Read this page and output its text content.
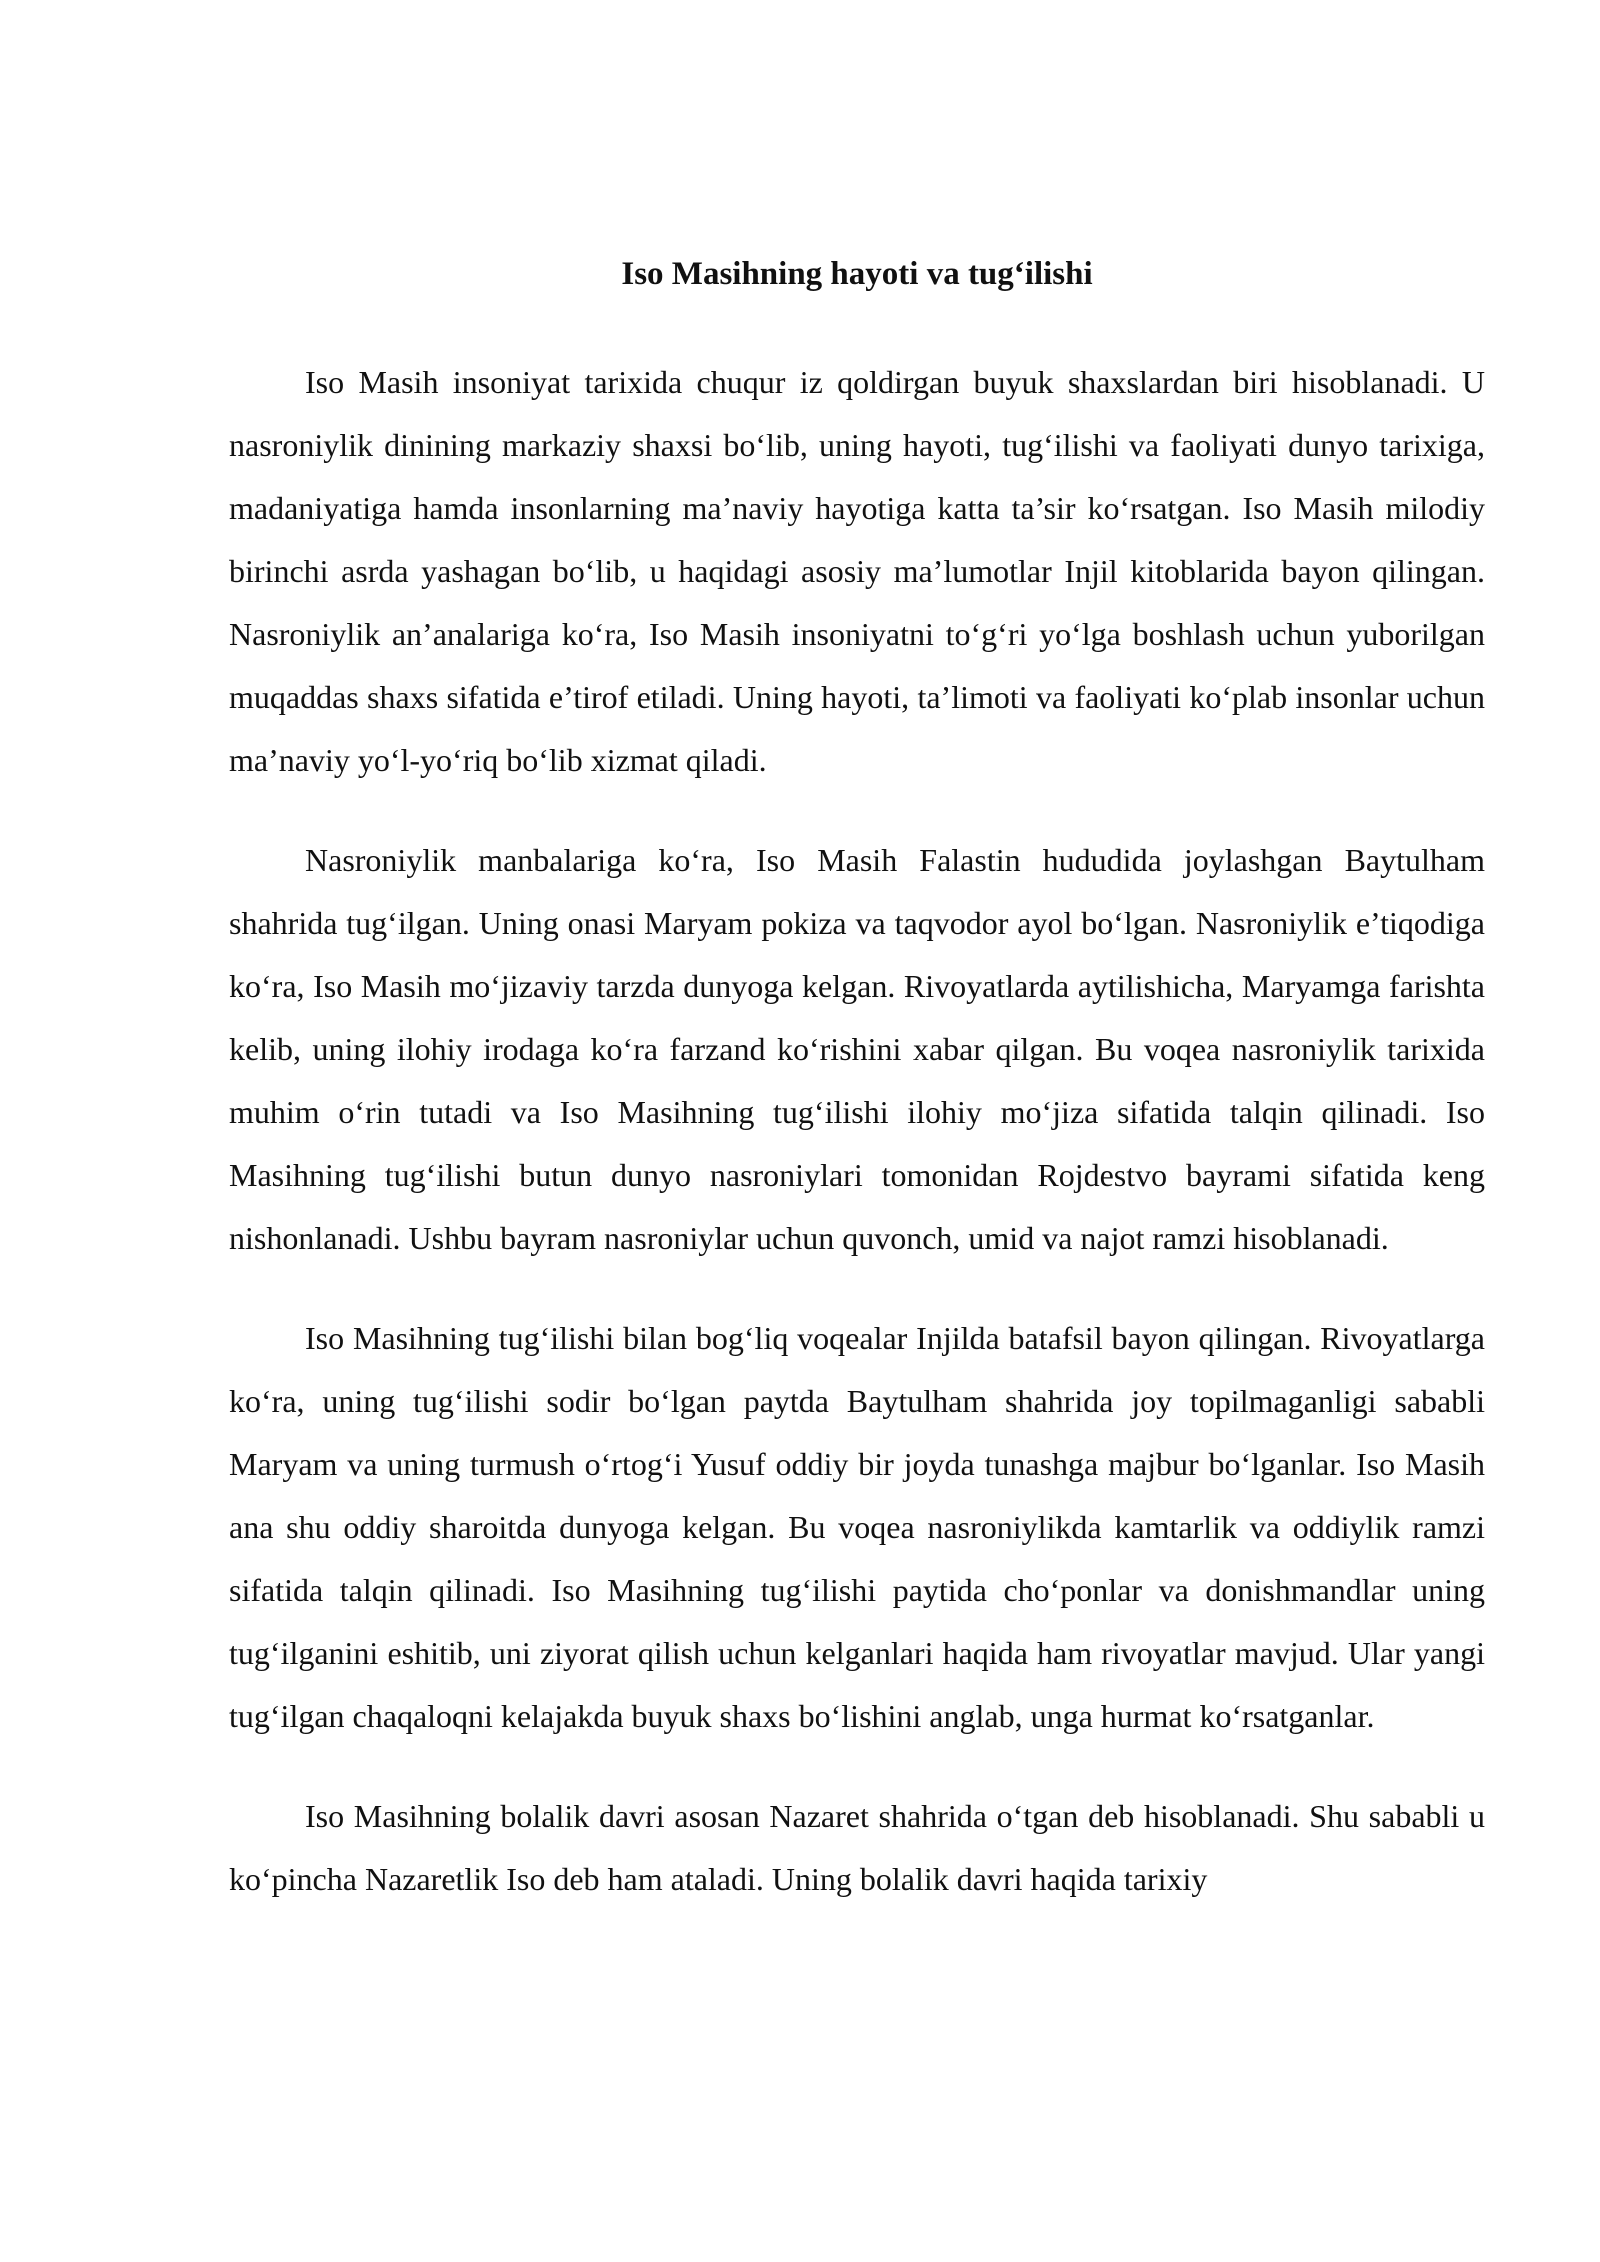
Iso Masihning hayoti va tug‘ilishi

Iso Masih insoniyat tarixida chuqur iz qoldirgan buyuk shaxslardan biri hisoblanadi. U nasroniylik dinining markaziy shaxsi bo‘lib, uning hayoti, tug‘ilishi va faoliyati dunyo tarixiga, madaniyatiga hamda insonlarning ma’naviy hayotiga katta ta’sir ko‘rsatgan. Iso Masih milodiy birinchi asrda yashagan bo‘lib, u haqidagi asosiy ma’lumotlar Injil kitoblarida bayon qilingan. Nasroniylik an’analariga ko‘ra, Iso Masih insoniyatni to‘g‘ri yo‘lga boshlash uchun yuborilgan muqaddas shaxs sifatida e’tirof etiladi. Uning hayoti, ta’limoti va faoliyati ko‘plab insonlar uchun ma’naviy yo‘l-yo‘riq bo‘lib xizmat qiladi.

Nasroniylik manbalariga ko‘ra, Iso Masih Falastin hududida joylashgan Baytulham shahrida tug‘ilgan. Uning onasi Maryam pokiza va taqvodor ayol bo‘lgan. Nasroniylik e’tiqodiga ko‘ra, Iso Masih mo‘jizaviy tarzda dunyoga kelgan. Rivoyatlarda aytilishicha, Maryamga farishta kelib, uning ilohiy irodaga ko‘ra farzand ko‘rishini xabar qilgan. Bu voqea nasroniylik tarixida muhim o‘rin tutadi va Iso Masihning tug‘ilishi ilohiy mo‘jiza sifatida talqin qilinadi. Iso Masihning tug‘ilishi butun dunyo nasroniylari tomonidan Rojdestvo bayrami sifatida keng nishonlanadi. Ushbu bayram nasroniylar uchun quvonch, umid va najot ramzi hisoblanadi.

Iso Masihning tug‘ilishi bilan bog‘liq voqealar Injilda batafsil bayon qilingan. Rivoyatlarga ko‘ra, uning tug‘ilishi sodir bo‘lgan paytda Baytulham shahrida joy topilmaganligi sababli Maryam va uning turmush o‘rtog‘i Yusuf oddiy bir joyda tunashga majbur bo‘lganlar. Iso Masih ana shu oddiy sharoitda dunyoga kelgan. Bu voqea nasroniylikda kamtarlik va oddiylik ramzi sifatida talqin qilinadi. Iso Masihning tug‘ilishi paytida cho‘ponlar va donishmandlar uning tug‘ilganini eshitib, uni ziyorat qilish uchun kelganlari haqida ham rivoyatlar mavjud. Ular yangi tug‘ilgan chaqaloqni kelajakda buyuk shaxs bo‘lishini anglab, unga hurmat ko‘rsatganlar.

Iso Masihning bolalik davri asosan Nazaret shahrida o‘tgan deb hisoblanadi. Shu sababli u ko‘pincha Nazaretlik Iso deb ham ataladi. Uning bolalik davri haqida tarixiy
